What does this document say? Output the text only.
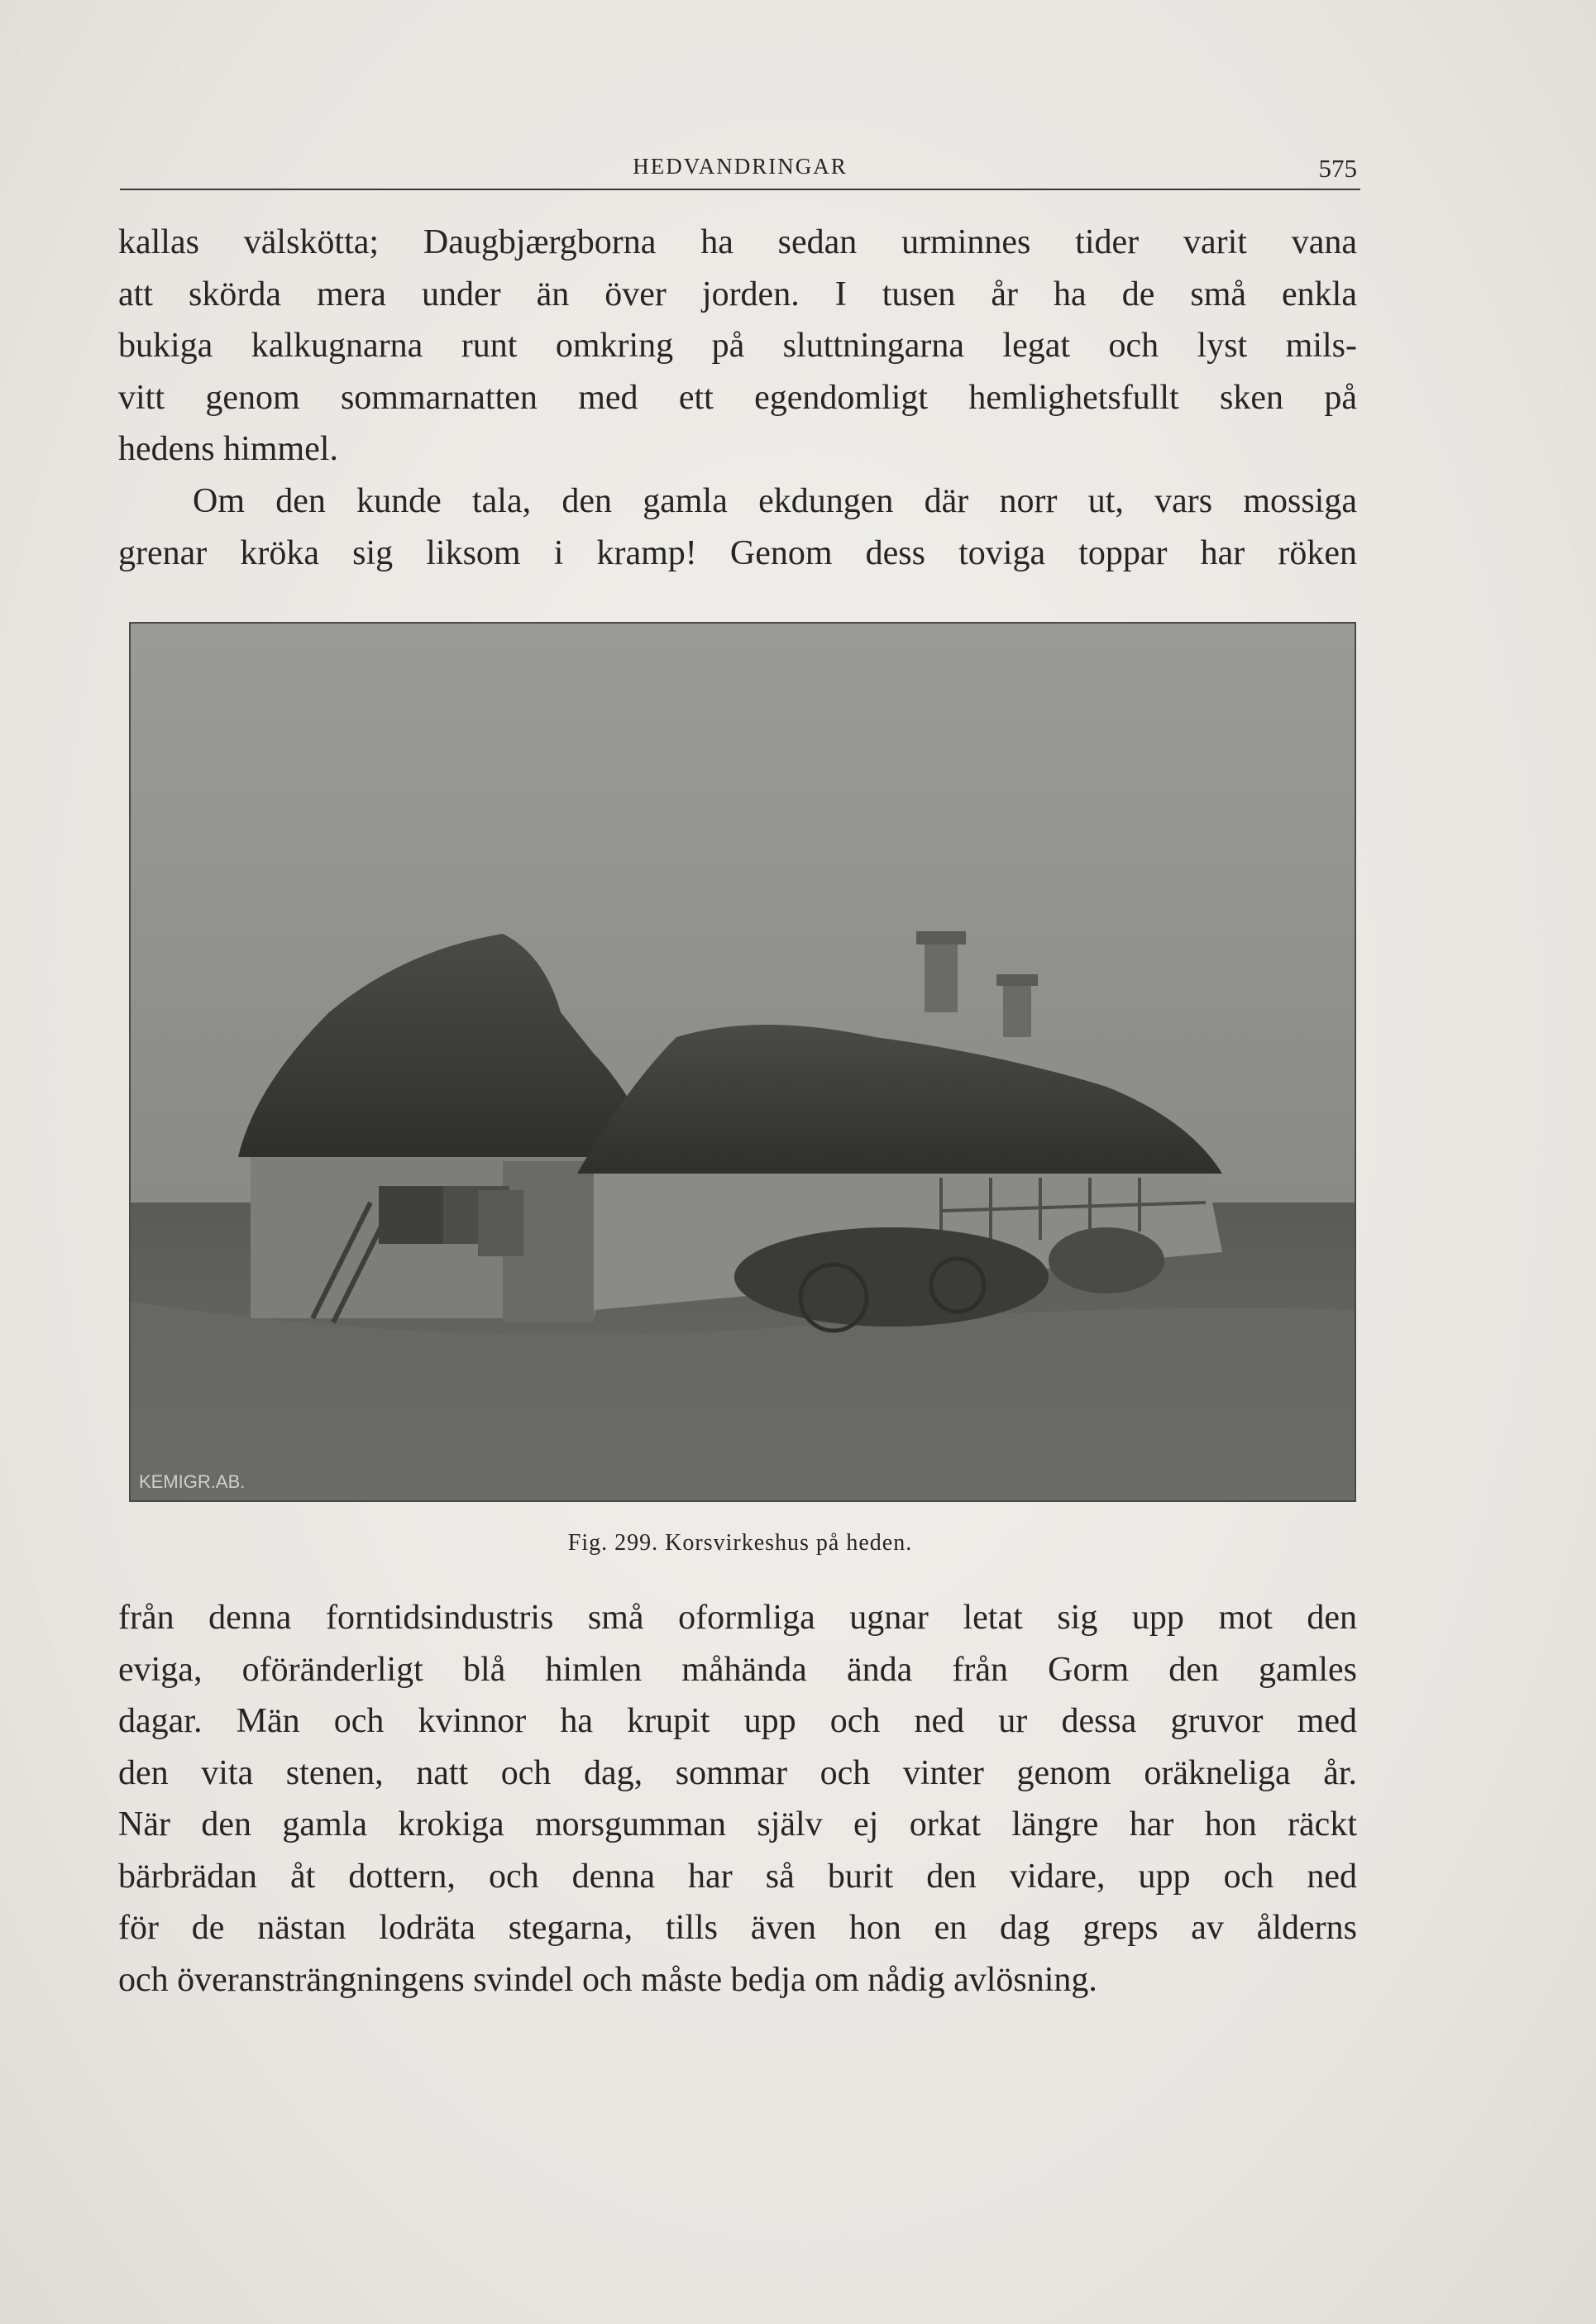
HEDVANDRINGAR	575
kallas välskötta; Daugbjærgborna ha sedan urminnes tider varit vana
att skörda mera under än över jorden. I tusen år ha de små enkla
bukiga kalkugnarna runt omkring på sluttningarna legat och lyst mils-
vitt genom sommarnatten med ett egendomligt hemlighetsfullt sken på
hedens himmel.
Om den kunde tala, den gamla ekdungen där norr ut, vars mossiga
grenar kröka sig liksom i kramp! Genom dess toviga toppar har röken
KEMIGR.AB.
Fig. 299. Korsvirkeshus på heden.
från denna forntidsindustris små oformliga ugnar letat sig upp mot den
eviga, oföränderligt blå himlen måhända ända från Gorm den gamles
dagar. Män och kvinnor ha krupit upp och ned ur dessa gruvor med
den vita stenen, natt och dag, sommar och vinter genom oräkneliga år.
När den gamla krokiga morsgumman själv ej orkat längre har hon räckt
bärbrädan åt dottern, och denna har så burit den vidare, upp och ned
för de nästan lodräta stegarna, tills även hon en dag greps av ålderns
och överansträngningens svindel och måste bedja om nådig avlösning.
